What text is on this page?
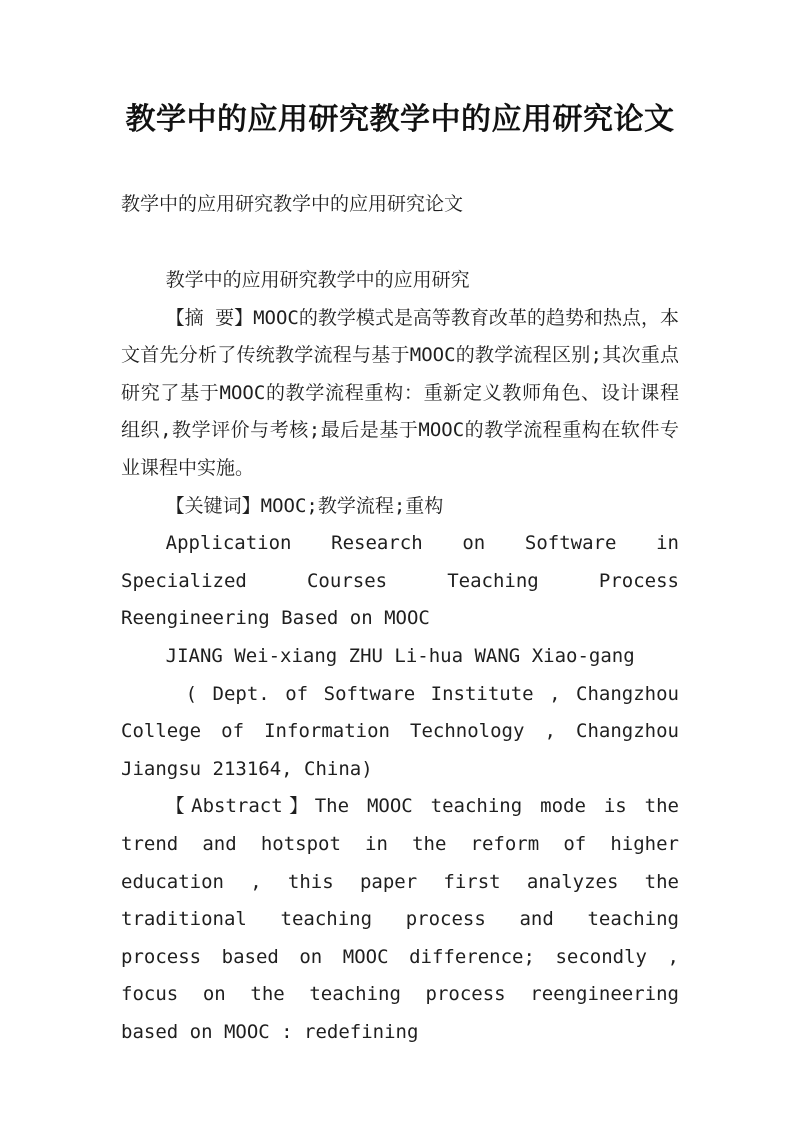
教学中的应用研究教学中的应用研究论文

教学中的应用研究教学中的应用研究论文

教学中的应用研究教学中的应用研究

【摘 要】MOOC的教学模式是高等教育改革的趋势和热点，本文首先分析了传统教学流程与基于MOOC的教学流程区别;其次重点研究了基于MOOC的教学流程重构：重新定义教师角色、设计课程组织,教学评价与考核;最后是基于MOOC的教学流程重构在软件专业课程中实施。

【关键词】MOOC;教学流程;重构

Application Research on Software in Specialized Courses Teaching Process Reengineering Based on MOOC

JIANG Wei-xiang ZHU Li-hua WANG Xiao-gang

( Dept. of Software Institute , Changzhou College of Information Technology , Changzhou Jiangsu 213164, China)

【Abstract】The MOOC teaching mode is the trend and hotspot in the reform of higher education , this paper first analyzes the traditional teaching process and teaching process based on MOOC difference; secondly , focus on the teaching process reengineering based on MOOC : redefining
